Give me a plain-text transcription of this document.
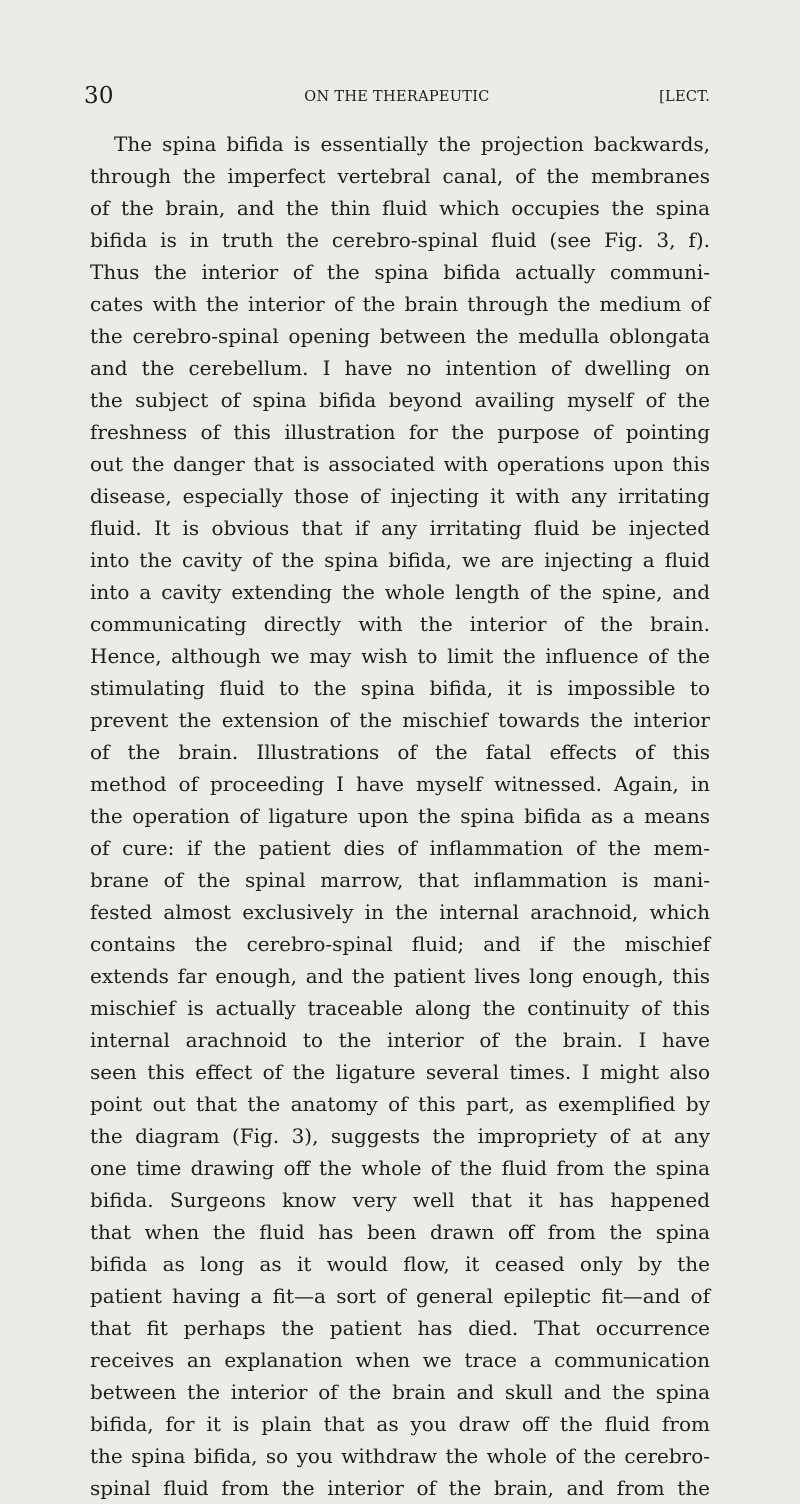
30	ON THE THERAPEUTIC	[LECT.
The spina bifida is essentially the projection backwards,
through the imperfect vertebral canal, of the membranes
of the brain, and the thin fluid which occupies the spina
bifida is in truth the cerebro-spinal fluid (see Fig. 3, f).
Thus the interior of the spina bifida actually communi-
cates with the interior of the brain through the medium of
the cerebro-spinal opening between the medulla oblongata
and the cerebellum. I have no intention of dwelling on
the subject of spina bifida beyond availing myself of the
freshness of this illustration for the purpose of pointing
out the danger that is associated with operations upon this
disease, especially those of injecting it with any irritating
fluid. It is obvious that if any irritating fluid be injected
into the cavity of the spina bifida, we are injecting a fluid
into a cavity extending the whole length of the spine, and
communicating directly with the interior of the brain.
Hence, although we may wish to limit the influence of the
stimulating fluid to the spina bifida, it is impossible to
prevent the extension of the mischief towards the interior
of the brain. Illustrations of the fatal effects of this
method of proceeding I have myself witnessed. Again, in
the operation of ligature upon the spina bifida as a means
of cure: if the patient dies of inflammation of the mem-
brane of the spinal marrow, that inflammation is mani-
fested almost exclusively in the internal arachnoid, which
contains the cerebro-spinal fluid; and if the mischief
extends far enough, and the patient lives long enough, this
mischief is actually traceable along the continuity of this
internal arachnoid to the interior of the brain. I have
seen this effect of the ligature several times. I might also
point out that the anatomy of this part, as exemplified by
the diagram (Fig. 3), suggests the impropriety of at any
one time drawing off the whole of the fluid from the spina
bifida. Surgeons know very well that it has happened
that when the fluid has been drawn off from the spina
bifida as long as it would flow, it ceased only by the
patient having a fit—a sort of general epileptic fit—and of
that fit perhaps the patient has died. That occurrence
receives an explanation when we trace a communication
between the interior of the brain and skull and the spina
bifida, for it is plain that as you draw off the fluid from
the spina bifida, so you withdraw the whole of the cerebro-
spinal fluid from the interior of the brain, and from the
